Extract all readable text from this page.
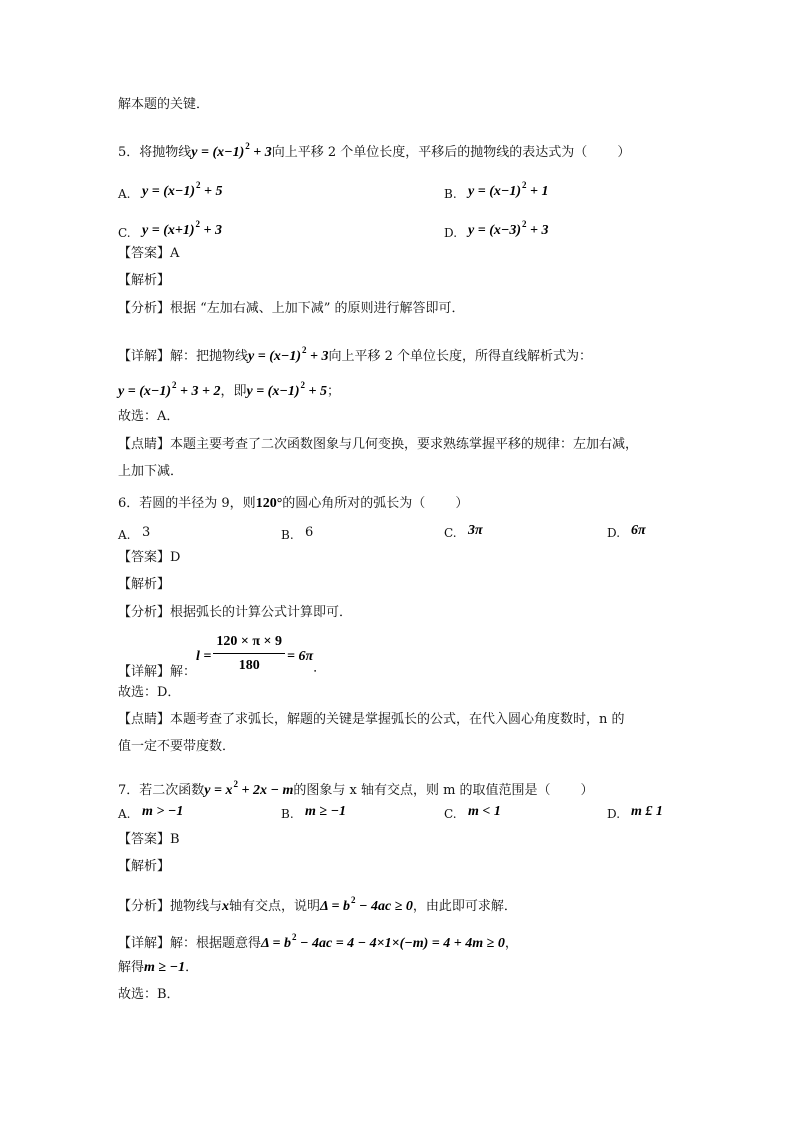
解本题的关键．
5．将抛物线$y = (x-1)^2 + 3$向上平移 2 个单位长度，平移后的抛物线的表达式为（ ）
A. $y = (x-1)^2 + 5$	B. $y = (x-1)^2 + 1$
C. $y = (x+1)^2 + 3$	D. $y = (x-3)^2 + 3$
【答案】A
【解析】
【分析】根据 “左加右减、上加下减” 的原则进行解答即可．
【详解】解：把抛物线$y = (x-1)^2 + 3$向上平移 2 个单位长度，所得直线解析式为：
$y = (x-1)^2 + 3 + 2$，即$y = (x-1)^2 + 5$；
故选：A．
【点睛】本题主要考查了二次函数图象与几何变换，要求熟练掌握平移的规律：左加右减，
上加下减．
6．若圆的半径为 9，则120°的圆心角所对的弧长为（ ）
A. 3	B. 6	C. 3π	D. 6π
【答案】D
【解析】
【分析】根据弧长的计算公式计算即可．
【详解】解：$l = \frac{120 \times \pi \times 9}{180} = 6\pi$．
故选：D．
【点睛】本题考查了求弧长，解题的关键是掌握弧长的公式，在代入圆心角度数时，n 的
值一定不要带度数．
7．若二次函数$y = x^2 + 2x - m$的图象与 x 轴有交点，则 m 的取值范围是（ ）
A. m > −1	B. m ≥ −1	C. m < 1	D. m £ 1
【答案】B
【解析】
【分析】抛物线与x轴有交点，说明$\Delta = b^2 - 4ac \ge 0$，由此即可求解．
【详解】解：根据题意得$\Delta = b^2 - 4ac = 4 - 4\times 1\times(-m) = 4 + 4m \ge 0$，
解得m ≥ −1．
故选：B．
